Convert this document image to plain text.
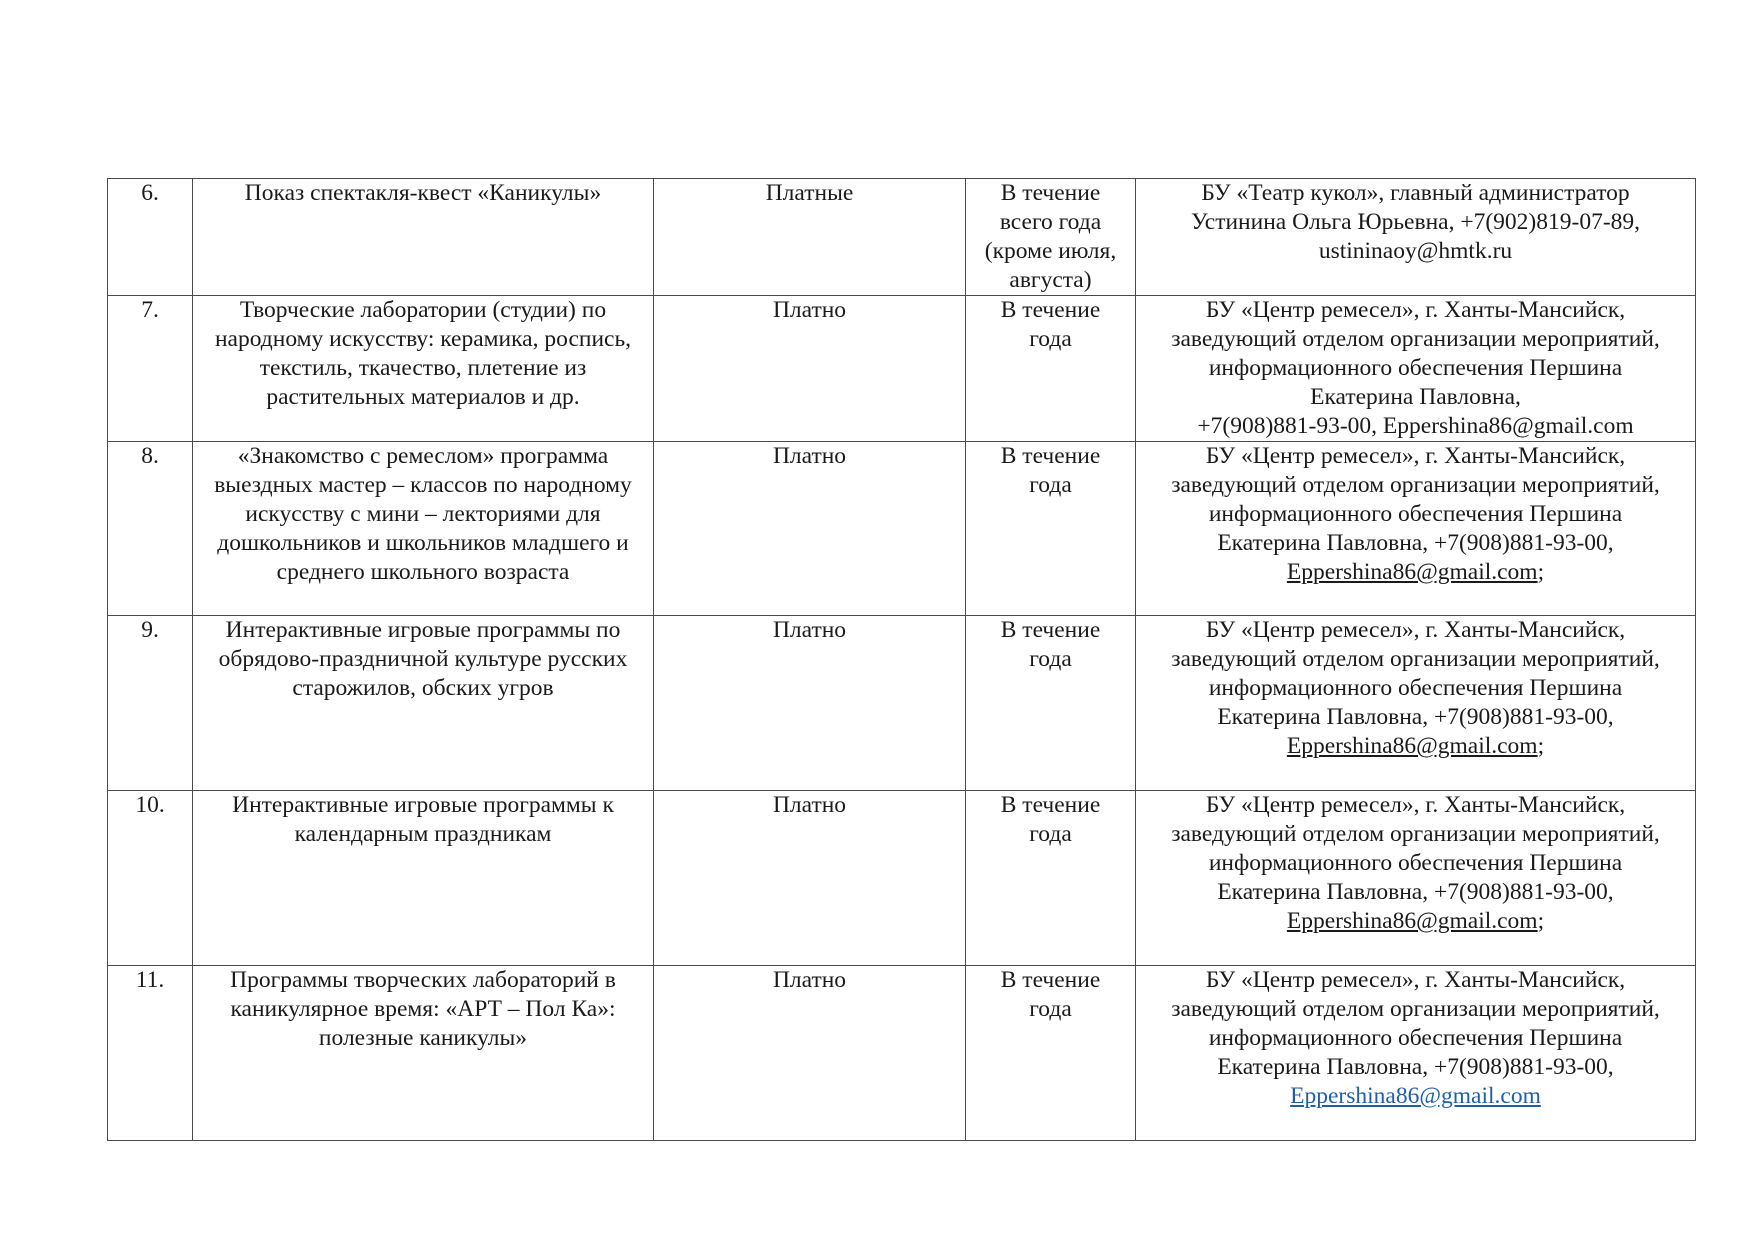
6.	Показ спектакля-квест «Каникулы»	Платные	В течение
всего года
(кроме июля,
августа)	БУ «Театр кукол», главный администратор
Устинина Ольга Юрьевна, +7(902)819-07-89,
ustininaoy@hmtk.ru

7.	Творческие лаборатории (студии) по народному искусству: керамика, роспись, текстиль, ткачество, плетение из растительных материалов и др.	Платно	В течение
года	БУ «Центр ремесел», г. Ханты-Мансийск,
заведующий отделом организации мероприятий,
информационного обеспечения Першина
Екатерина Павловна,
+7(908)881-93-00, Eppershina86@gmail.com

8.	«Знакомство с ремеслом» программа выездных мастер – классов по народному искусству с мини – лекториями для дошкольников и школьников младшего и среднего школьного возраста	Платно	В течение
года	БУ «Центр ремесел», г. Ханты-Мансийск,
заведующий отделом организации мероприятий,
информационного обеспечения Першина
Екатерина Павловна, +7(908)881-93-00,
Eppershina86@gmail.com;

9.	Интерактивные игровые программы по обрядово-праздничной культуре русских старожилов, обских угров	Платно	В течение
года	БУ «Центр ремесел», г. Ханты-Мансийск,
заведующий отделом организации мероприятий,
информационного обеспечения Першина
Екатерина Павловна, +7(908)881-93-00,
Eppershina86@gmail.com;

10.	Интерактивные игровые программы к календарным праздникам	Платно	В течение
года	БУ «Центр ремесел», г. Ханты-Мансийск,
заведующий отделом организации мероприятий,
информационного обеспечения Першина
Екатерина Павловна, +7(908)881-93-00,
Eppershina86@gmail.com;

11.	Программы творческих лабораторий в каникулярное время: «АРТ – Пол Ка»: полезные каникулы»	Платно	В течение
года	БУ «Центр ремесел», г. Ханты-Мансийск,
заведующий отделом организации мероприятий,
информационного обеспечения Першина
Екатерина Павловна, +7(908)881-93-00,
Eppershina86@gmail.com
